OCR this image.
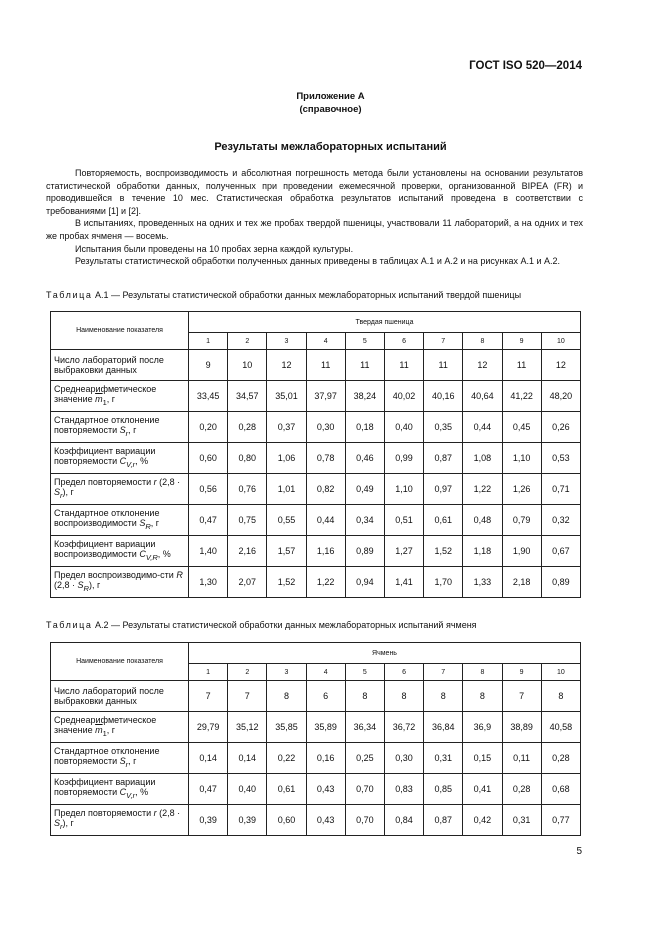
ГОСТ ISO 520—2014
Приложение А
(справочное)
Результаты межлабораторных испытаний

Повторяемость, воспроизводимость и абсолютная погрешность метода были установлены на основании результатов статистической обработки данных, полученных при проведении ежемесячной проверки, организованной BIPEA (FR) и проводившейся в течение 10 мес. Статистическая обработка результатов испытаний проведена в соответствии с требованиями [1] и [2].

В испытаниях, проведенных на одних и тех же пробах твердой пшеницы, участвовали 11 лабораторий, а на одних и тех же пробах ячменя — восемь.

Испытания были проведены на 10 пробах зерна каждой культуры.

Результаты статистической обработки полученных данных приведены в таблицах А.1 и А.2 и на рисунках А.1 и А.2.

Таблица А.1 — Результаты статистической обработки данных межлабораторных испытаний твердой пшеницы
Наименование показателя	Твердая пшеница									
	1	2	3	4	5	6	7	8	9	10
Число лабораторий после выбраковки данных	9	10	12	11	11	11	11	12	11	12
Среднеарифметическое значение $\overline{m}_1$, г	33,45	34,57	35,01	37,97	38,24	40,02	40,16	40,64	41,22	48,20
Стандартное отклонение повторяемости $S_r$, г	0,20	0,28	0,37	0,30	0,18	0,40	0,35	0,44	0,45	0,26
Коэффициент вариации повторяемости $C_{V,r}$, %	0,60	0,80	1,06	0,78	0,46	0,99	0,87	1,08	1,10	0,53
Предел повторяемости r $(2,8 \cdot S_r)$, г	0,56	0,76	1,01	0,82	0,49	1,10	0,97	1,22	1,26	0,71
Стандартное отклонение воспроизводимости $S_R$, г	0,47	0,75	0,55	0,44	0,34	0,51	0,61	0,48	0,79	0,32
Коэффициент вариации воспроизводимости $C_{V,R}$, %	1,40	2,16	1,57	1,16	0,89	1,27	1,52	1,18	1,90	0,67
Предел воспроизводимо-сти R $(2,8 \cdot S_R)$, г	1,30	2,07	1,52	1,22	0,94	1,41	1,70	1,33	2,18	0,89
Таблица А.2 — Результаты статистической обработки данных межлабораторных испытаний ячменя
Наименование показателя	Ячмень									
	1	2	3	4	5	6	7	8	9	10
Число лабораторий после выбраковки данных	7	7	8	6	8	8	8	8	7	8
Среднеарифметическое значение $\overline{m}_1$, г	29,79	35,12	35,85	35,89	36,34	36,72	36,84	36,9	38,89	40,58
Стандартное отклонение повторяемости $S_r$, г	0,14	0,14	0,22	0,16	0,25	0,30	0,31	0,15	0,11	0,28
Коэффициент вариации повторяемости $C_{V,r}$, %	0,47	0,40	0,61	0,43	0,70	0,83	0,85	0,41	0,28	0,68
Предел повторяемости r $(2,8 \cdot S_r)$, г	0,39	0,39	0,60	0,43	0,70	0,84	0,87	0,42	0,31	0,77
5
